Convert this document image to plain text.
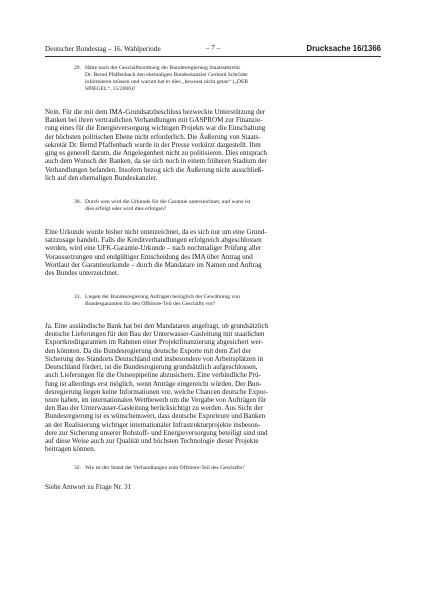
Deutscher Bundestag – 16. Wahlperiode	– 7 –	Drucksache 16/1366
29. Hätte nach der Geschäftsordnung der Bundesregierung Staatssekretär
Dr. Bernd Pfaffenbach den ehemaligen Bundeskanzler Gerhard Schröder
informieren müssen und warum hat er dies „bewusst nicht getan“ („DER
SPIEGEL“, 15/2006)?
Nein. Für die mit dem IMA-Grundsatzbeschluss bezweckte Unterstützung der
Banken bei ihren vertraulichen Verhandlungen mit GASPROM zur Finanzie-
rung eines für die Energieversorgung wichtigen Projekts war die Einschaltung
der höchsten politischen Ebene nicht erforderlich. Die Äußerung von Staats-
sekretär Dr. Bernd Pfaffenbach wurde in der Presse verkürzt dargestellt. Ihm
ging es generell darum, die Angelegenheit nicht zu politisieren. Dies entsprach
auch dem Wunsch der Banken, da sie sich noch in einem früheren Stadium der
Verhandlungen befanden. Insofern bezog sich die Äußerung nicht ausschließ-
lich auf den ehemaligen Bundeskanzler.
30. Durch wen wird die Urkunde für die Garantie unterzeichnet, und wann ist
dies erfolgt oder wird dies erfolgen?
Eine Urkunde wurde bisher nicht unterzeichnet, da es sich nur um eine Grund-
satzzusage handelt. Falls die Kreditverhandlungen erfolgreich abgeschlossen
werden, wird eine UFK-Garantie-Urkunde – nach nochmaliger Prüfung aller
Voraussetzungen und endgültiger Entscheidung des IMA über Antrag und
Wortlaut der Garantieurkunde – durch die Mandatare im Namen und Auftrag
des Bundes unterzeichnet.
31. Liegen der Bundesregierung Anfragen bezüglich der Gewährung von
Bundesgarantien für den Offshore-Teil des Geschäfts vor?
Ja. Eine ausländische Bank hat bei den Mandataren angefragt, ob grundsätzlich
deutsche Lieferungen für den Bau der Unterwasser-Gasleitung mit staatlichen
Exportkreditgarantien im Rahmen einer Projektfinanzierung abgesichert wer-
den könnten. Da die Bundesregierung deutsche Exporte mit dem Ziel der
Sicherung des Standorts Deutschland und insbesondere von Arbeitsplätzen in
Deutschland fördert, ist die Bundesregierung grundsätzlich aufgeschlossen,
auch Lieferungen für die Ostseepipeline abzusichern. Eine verbindliche Prü-
fung ist allerdings erst möglich, wenn Anträge eingereicht würden. Der Bun-
desregierung liegen keine Informationen vor, welche Chancen deutsche Expor-
teure haben, im internationalen Wettbewerb um die Vergabe von Aufträgen für
den Bau der Unterwasser-Gasleitung berücksichtigt zu werden. Aus Sicht der
Bundesregierung ist es wünschenswert, dass deutsche Exporteure und Banken
an der Realisierung wichtiger internationaler Infrastrukturprojekte insbeson-
dere zur Sicherung unserer Rohstoff- und Energieversorgung beteiligt sind und
auf diese Weise auch zur Qualität und höchsten Technologie dieser Projekte
beitragen können.
32. Wie ist der Stand der Verhandlungen zum Offshore-Teil des Geschäfts?
Siehe Antwort zu Frage Nr. 31
